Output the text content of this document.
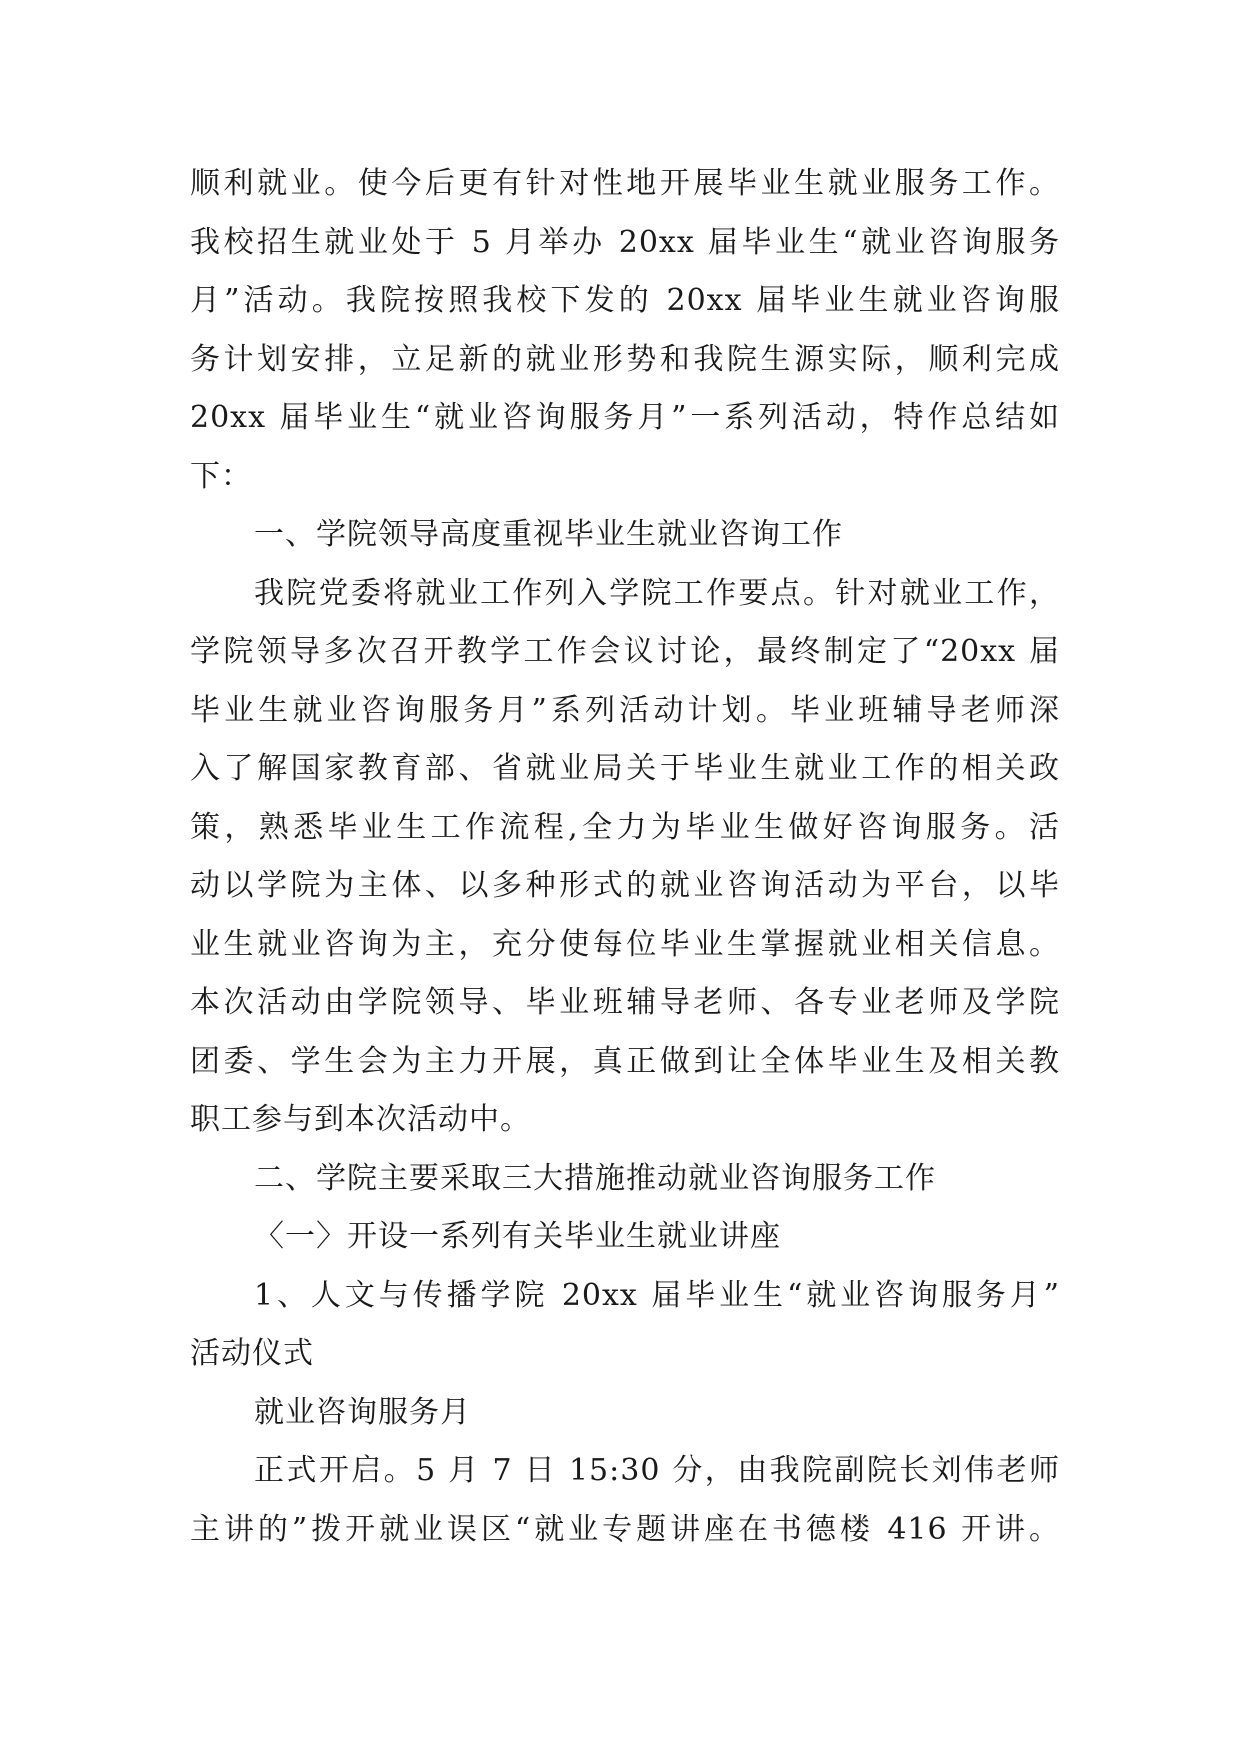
顺利就业。使今后更有针对性地开展毕业生就业服务工作。
我校招生就业处于 5 月举办 20xx 届毕业生“就业咨询服务
月”活动。我院按照我校下发的 20xx 届毕业生就业咨询服
务计划安排，立足新的就业形势和我院生源实际，顺利完成
20xx 届毕业生“就业咨询服务月”一系列活动，特作总结如
下：
一、学院领导高度重视毕业生就业咨询工作
我院党委将就业工作列入学院工作要点。针对就业工作，
学院领导多次召开教学工作会议讨论，最终制定了“20xx 届
毕业生就业咨询服务月”系列活动计划。毕业班辅导老师深
入了解国家教育部、省就业局关于毕业生就业工作的相关政
策，熟悉毕业生工作流程,全力为毕业生做好咨询服务。活
动以学院为主体、以多种形式的就业咨询活动为平台，以毕
业生就业咨询为主，充分使每位毕业生掌握就业相关信息。
本次活动由学院领导、毕业班辅导老师、各专业老师及学院
团委、学生会为主力开展，真正做到让全体毕业生及相关教
职工参与到本次活动中。
二、学院主要采取三大措施推动就业咨询服务工作
〈一〉开设一系列有关毕业生就业讲座
1、人文与传播学院 20xx 届毕业生“就业咨询服务月”
活动仪式
就业咨询服务月
正式开启。5 月 7 日 15:30 分，由我院副院长刘伟老师
主讲的”拨开就业误区“就业专题讲座在书德楼 416 开讲。
